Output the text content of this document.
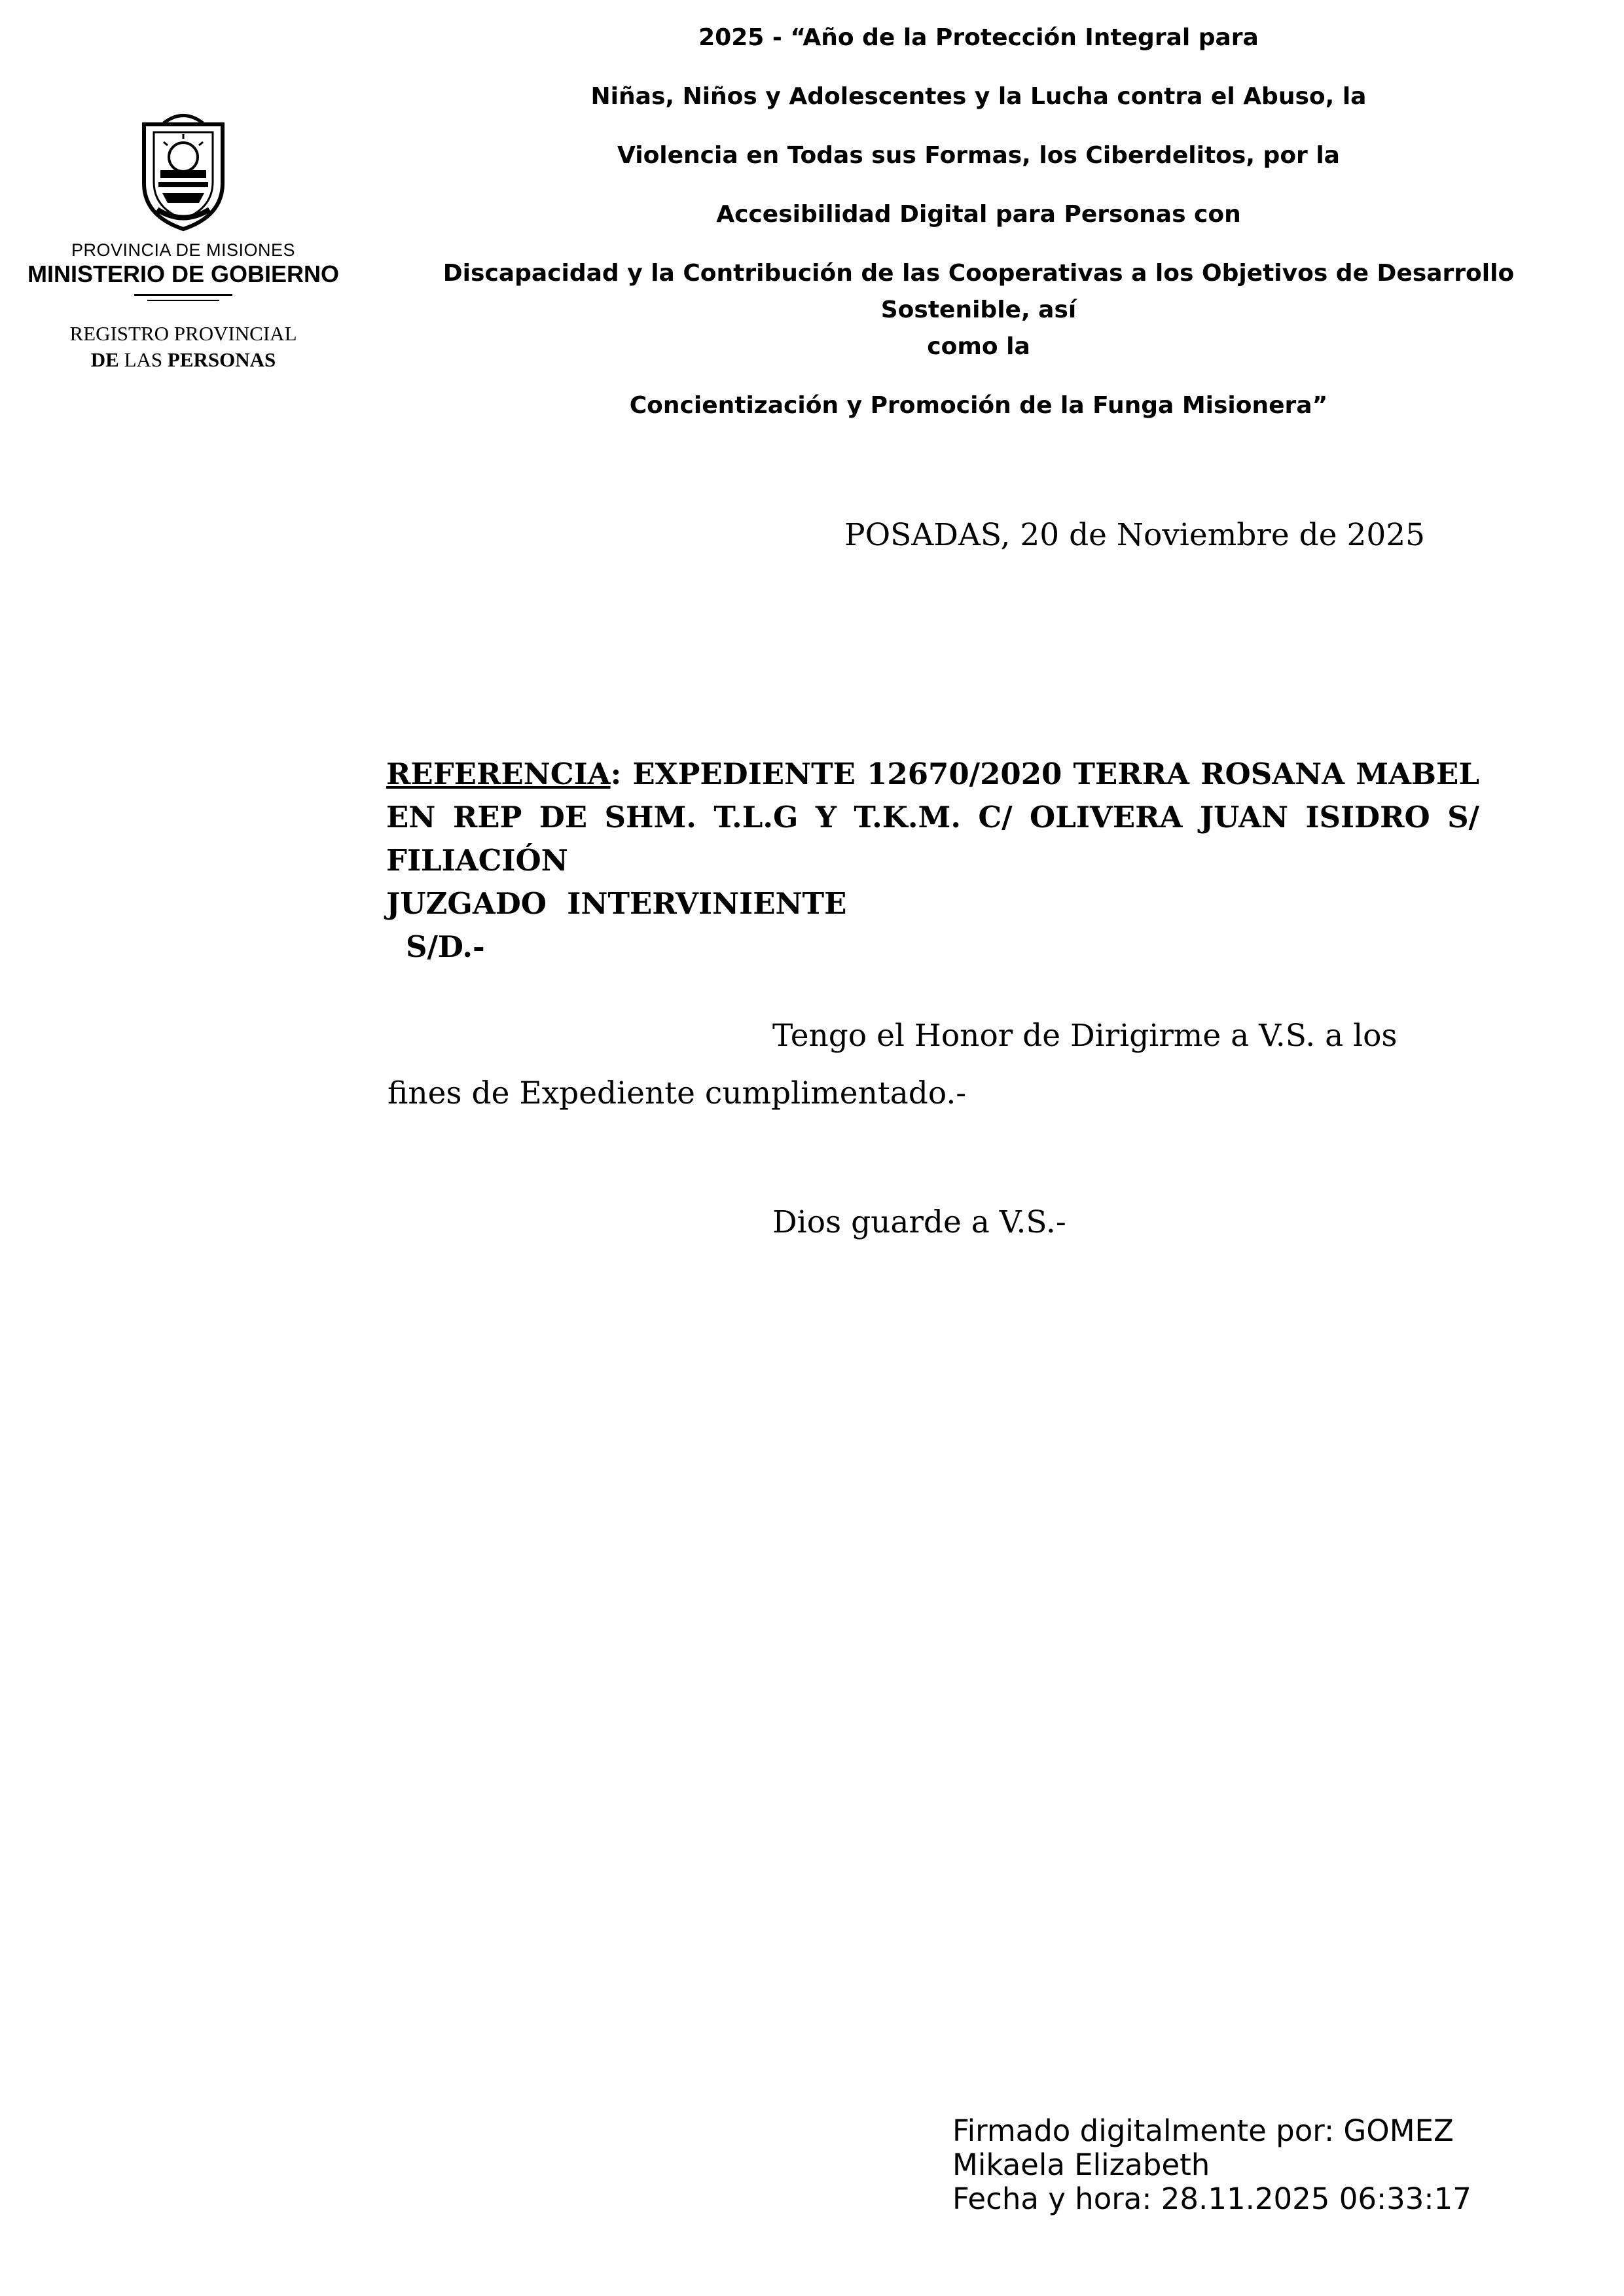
PROVINCIA DE MISIONES
MINISTERIO DE GOBIERNO
REGISTRO PROVINCIAL
DE LAS PERSONAS

2025 - “Año de la Protección Integral para

Niñas, Niños y Adolescentes y la Lucha contra el Abuso, la

Violencia en Todas sus Formas, los Ciberdelitos, por la

Accesibilidad Digital para Personas con

Discapacidad y la Contribución de las Cooperativas a los Objetivos de Desarrollo Sostenible, así

como la

Concientización y Promoción de la Funga Misionera”

POSADAS, 20 de Noviembre de 2025
REFERENCIA: EXPEDIENTE 12670/2020 TERRA ROSANA MABEL EN REP DE SHM. T.L.G Y T.K.M. C/ OLIVERA JUAN ISIDRO S/ FILIACIÓN
JUZGADO  INTERVINIENTE
S/D.-
Tengo el Honor de Dirigirme a V.S. a los
fines de Expediente cumplimentado.-
Dios guarde a V.S.-
Firmado digitalmente por: GOMEZ
Mikaela Elizabeth
Fecha y hora: 28.11.2025 06:33:17
